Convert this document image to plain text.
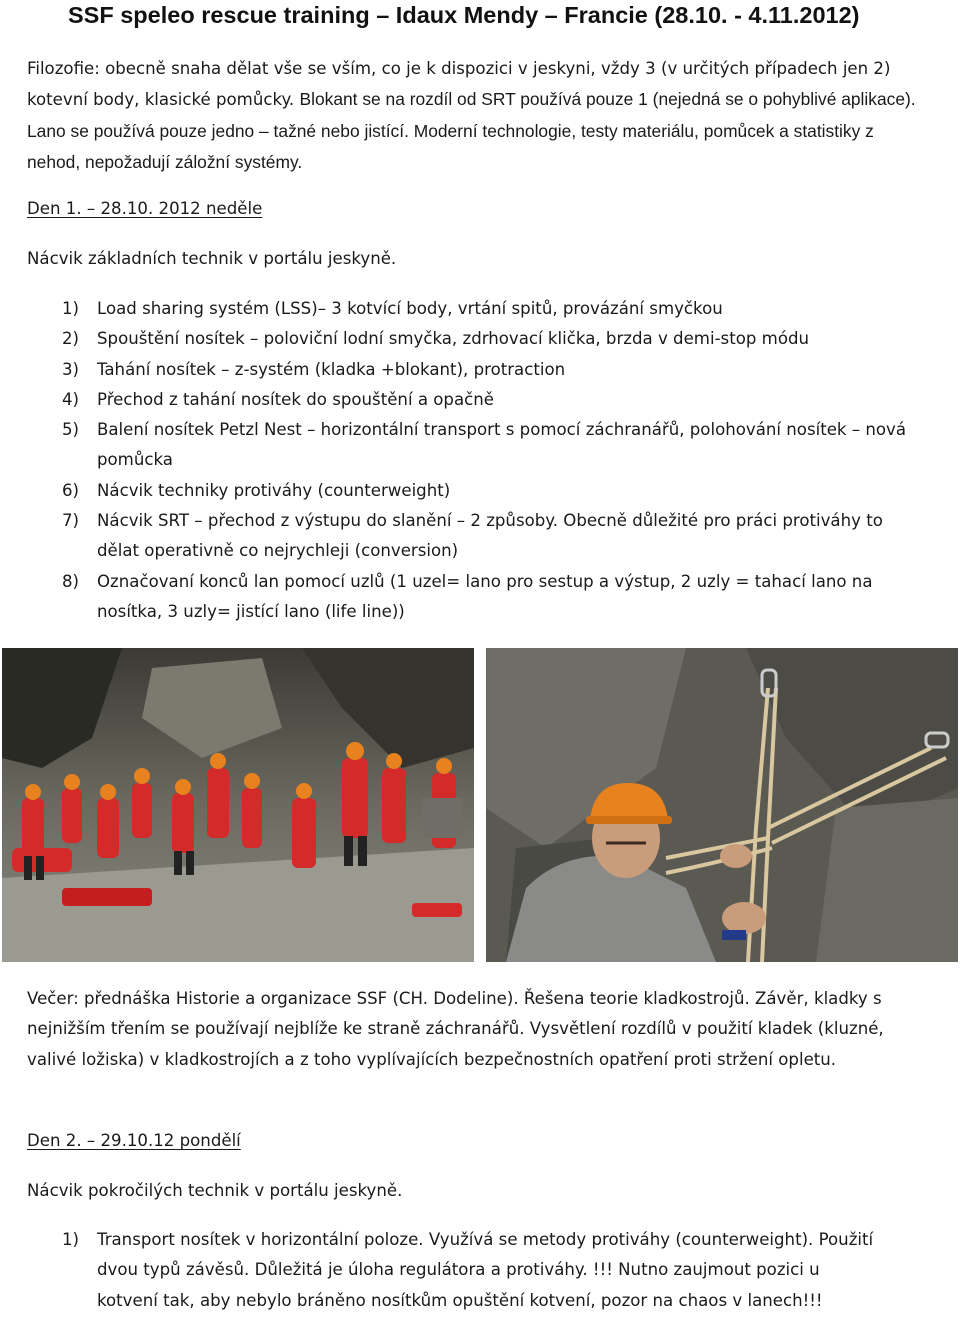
SSF speleo rescue training – Idaux Mendy – Francie (28.10. - 4.11.2012)

Filozofie: obecně snaha dělat vše se vším, co je k dispozici v jeskyni, vždy 3 (v určitých případech jen 2) kotevní body, klasické pomůcky. Blokant se na rozdíl od SRT používá pouze 1 (nejedná se o pohyblivé aplikace). Lano se používá pouze jedno – tažné nebo jistící. Moderní technologie, testy materiálu, pomůcek a statistiky z nehod, nepožadují záložní systémy.

Den 1. – 28.10. 2012 neděle
Nácvik základních technik v portálu jeskyně.
1) Load sharing systém (LSS)– 3 kotvící body, vrtání spitů, provázání smyčkou
2) Spouštění nosítek – poloviční lodní smyčka, zdrhovací klička, brzda v demi-stop módu
3) Tahání nosítek – z-systém (kladka +blokant), protraction
4) Přechod z tahání nosítek do spouštění a opačně
5) Balení nosítek Petzl Nest – horizontální transport s pomocí záchranářů, polohování nosítek – nová pomůcka
6) Nácvik techniky protiváhy (counterweight)
7) Nácvik SRT – přechod z výstupu do slanění – 2 způsoby. Obecně důležité pro práci protiváhy to dělat operativně co nejrychleji (conversion)
8) Označovaní konců lan pomocí uzlů (1 uzel= lano pro sestup a výstup, 2 uzly = tahací lano na nosítka, 3 uzly= jistící lano (life line))

Večer: přednáška Historie a organizace SSF (CH. Dodeline). Řešena teorie kladkostrojů. Závěr, kladky s nejnižším třením se používají nejblíže ke straně záchranářů. Vysvětlení rozdílů v použití kladek (kluzné, valivé ložiska) v kladkostrojích a z toho vyplívajících bezpečnostních opatření proti stržení opletu.

Den 2. – 29.10.12 pondělí
Nácvik pokročilých technik v portálu jeskyně.
1) Transport nosítek v horizontální poloze. Využívá se metody protiváhy (counterweight). Použití dvou typů závěsů. Důležitá je úloha regulátora a protiváhy. !!! Nutno zaujmout pozici u kotvení tak, aby nebylo bráněno nosítkům opuštění kotvení, pozor na chaos v lanech!!!
